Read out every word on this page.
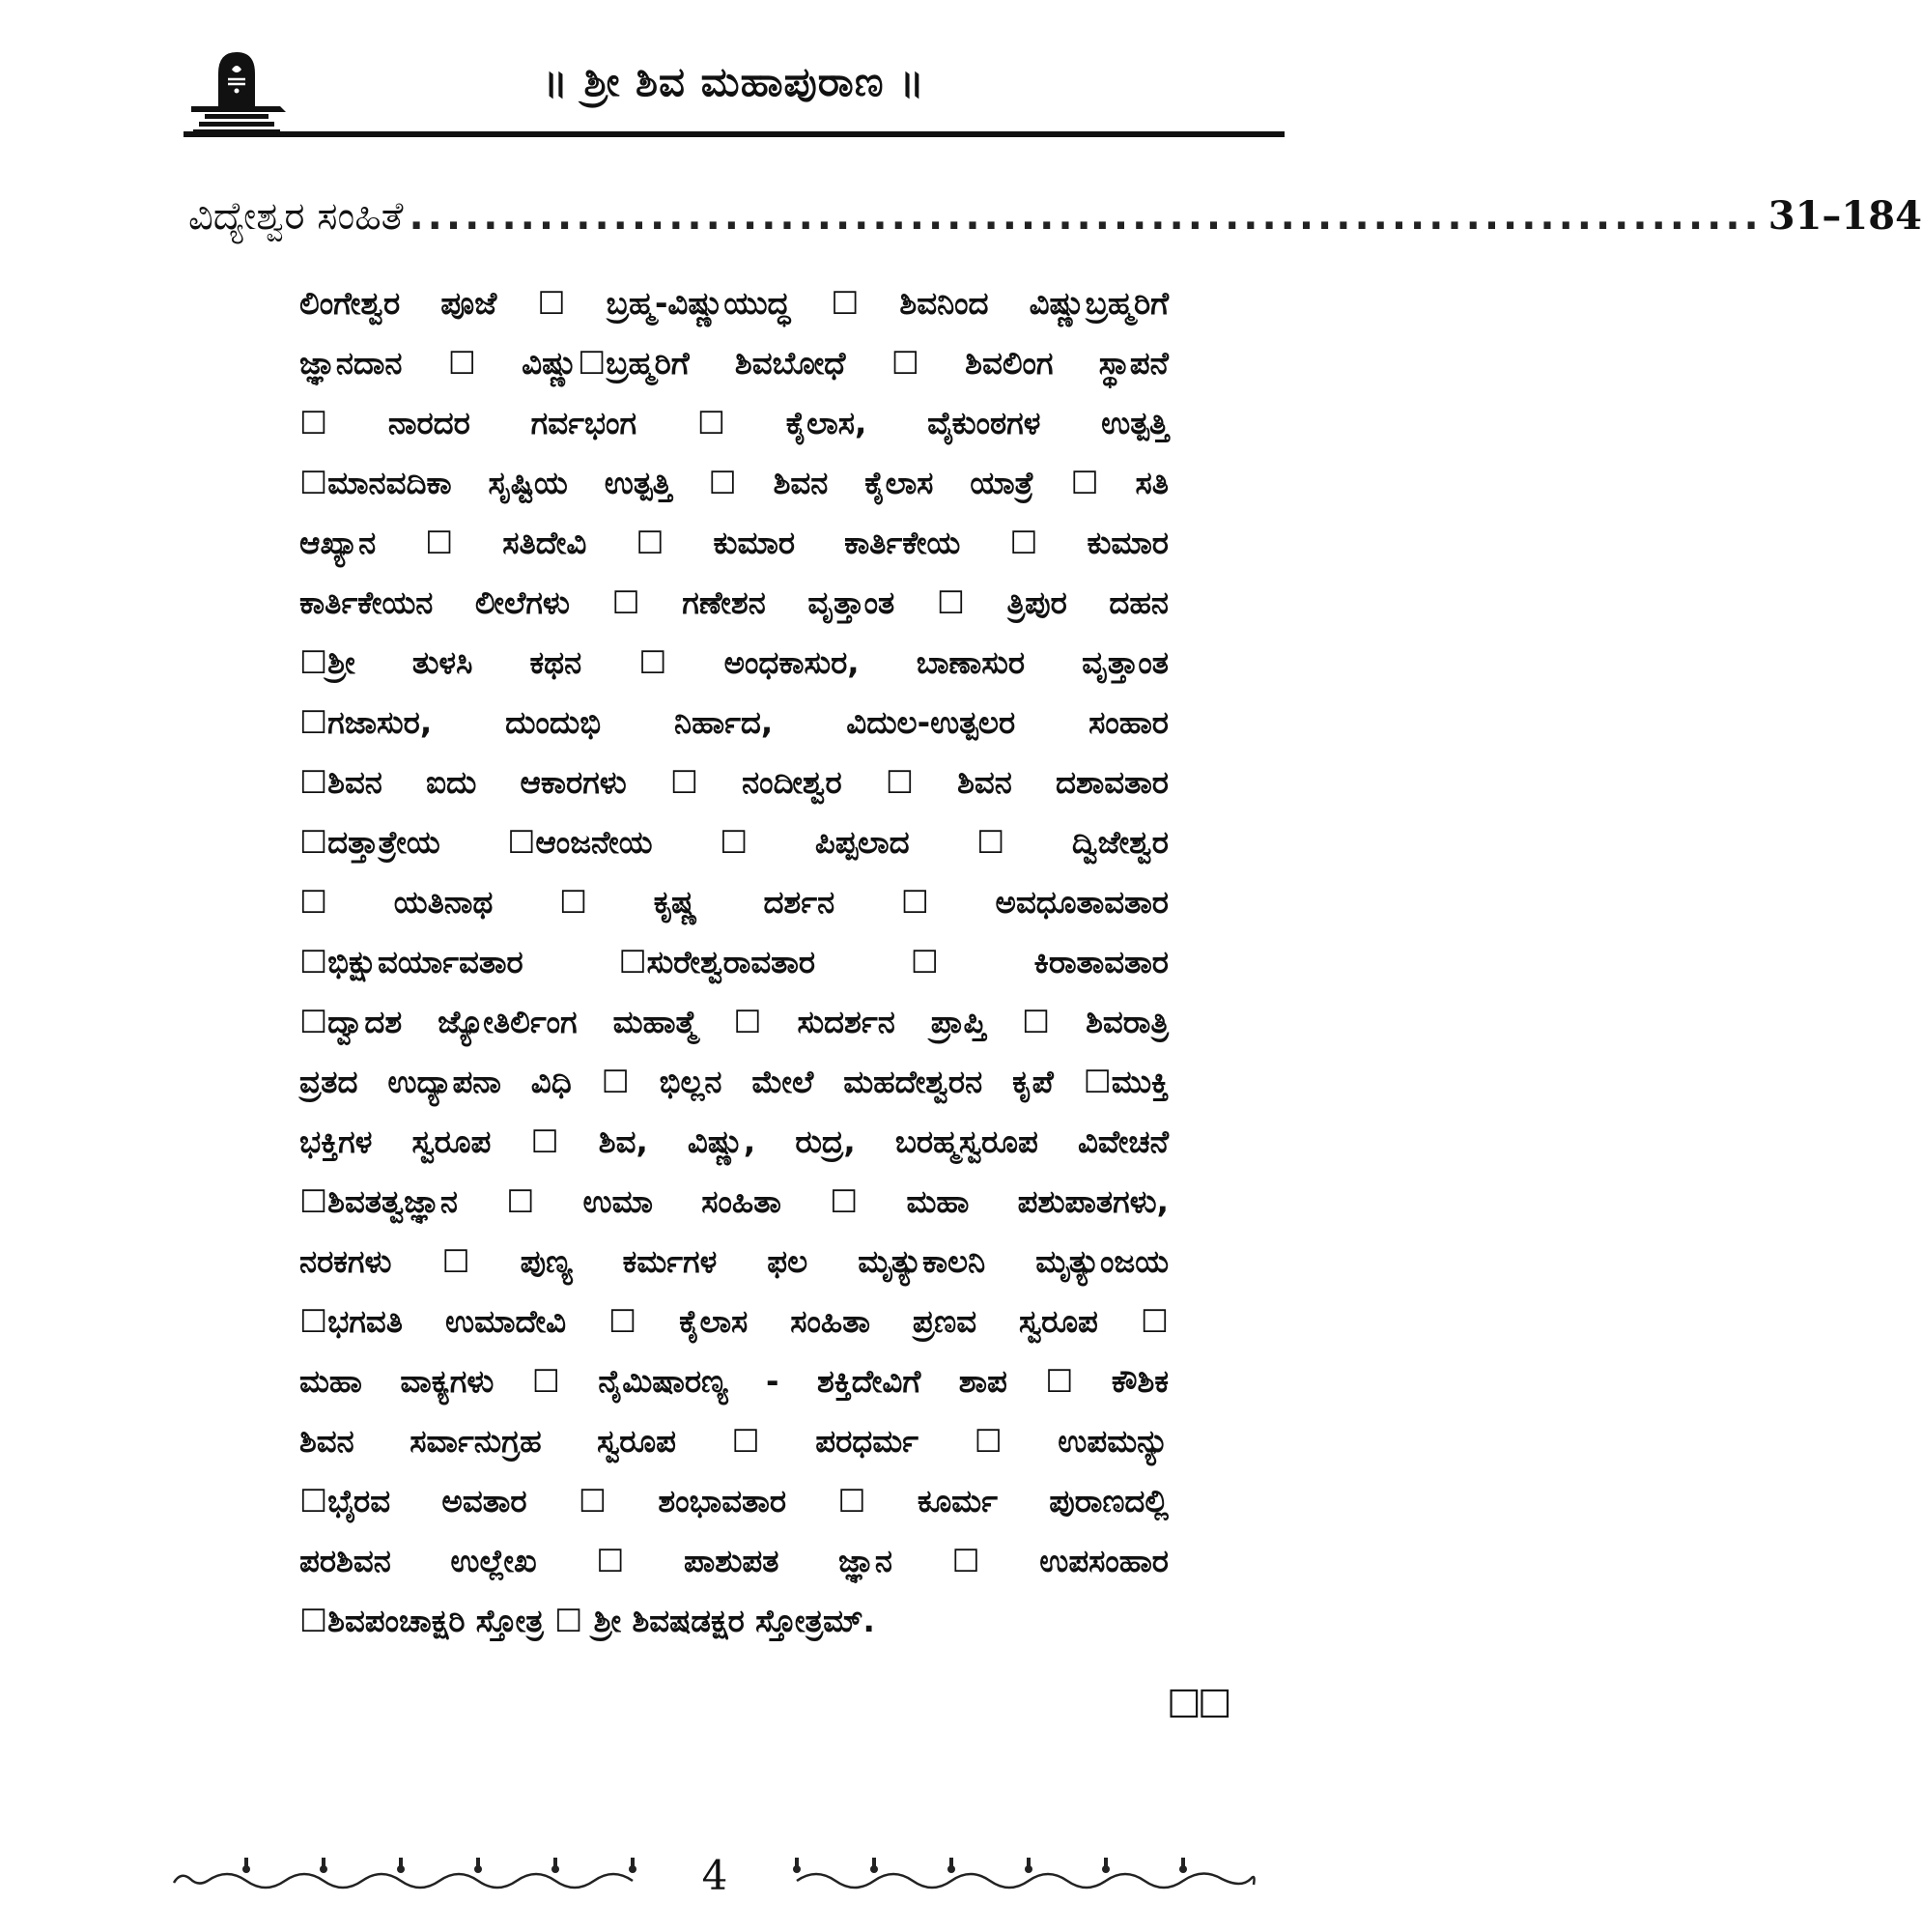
॥ ಶ್ರೀ ಶಿವ ಮಹಾಪುರಾಣ ॥
ವಿದ್ಯೇಶ್ವರ ಸಂಹಿತೆ ......................................................................... 31–184
ಲಿಂಗೇಶ್ವರ ಪೂಜೆ ☐ ಬ್ರಹ್ಮ-ವಿಷ್ಣುಯುದ್ಧ ☐ ಶಿವನಿಂದ ವಿಷ್ಣುಬ್ರಹ್ಮರಿಗೆ
ಜ್ಞಾನದಾನ ☐ ವಿಷ್ಣು☐ಬ್ರಹ್ಮರಿಗೆ ಶಿವಬೋಧೆ ☐ ಶಿವಲಿಂಗ ಸ್ಥಾಪನೆ
☐ ನಾರದರ ಗರ್ವಭಂಗ ☐ ಕೈಲಾಸ, ವೈಕುಂಠಗಳ ಉತ್ಪತ್ತಿ
☐ಮಾನವದಿಕಾ ಸೃಷ್ಟಿಯ ಉತ್ಪತ್ತಿ ☐ ಶಿವನ ಕೈಲಾಸ ಯಾತ್ರೆ ☐ ಸತಿ
ಆಖ್ಯಾನ ☐ ಸತಿದೇವಿ ☐ ಕುಮಾರ ಕಾರ್ತಿಕೇಯ ☐ ಕುಮಾರ
ಕಾರ್ತಿಕೇಯನ ಲೀಲೆಗಳು ☐ ಗಣೇಶನ ವೃತ್ತಾಂತ ☐ ತ್ರಿಪುರ ದಹನ
☐ಶ್ರೀ ತುಳಸಿ ಕಥನ ☐ ಅಂಧಕಾಸುರ, ಬಾಣಾಸುರ ವೃತ್ತಾಂತ
☐ಗಜಾಸುರ, ದುಂದುಭಿ ನಿರ್ಹಾದ, ವಿದುಲ-ಉತ್ಪಲರ ಸಂಹಾರ
☐ಶಿವನ ಐದು ಆಕಾರಗಳು ☐ ನಂದೀಶ್ವರ ☐ ಶಿವನ ದಶಾವತಾರ
☐ದತ್ತಾತ್ರೇಯ ☐ಆಂಜನೇಯ ☐ ಪಿಪ್ಪಲಾದ ☐ ದ್ವಿಜೇಶ್ವರ
☐ ಯತಿನಾಥ ☐ ಕೃಷ್ಣ ದರ್ಶನ ☐ ಅವಧೂತಾವತಾರ
☐ಭಿಕ್ಷುವರ್ಯಾವತಾರ ☐ಸುರೇಶ್ವರಾವತಾರ ☐ ಕಿರಾತಾವತಾರ
☐ದ್ವಾದಶ ಜ್ಯೋತಿರ್ಲಿಂಗ ಮಹಾತ್ಮೆ ☐ ಸುದರ್ಶನ ಪ್ರಾಪ್ತಿ ☐ ಶಿವರಾತ್ರಿ
ವ್ರತದ ಉದ್ಯಾಪನಾ ವಿಧಿ ☐ ಭಿಲ್ಲನ ಮೇಲೆ ಮಹದೇಶ್ವರನ ಕೃಪೆ ☐ಮುಕ್ತಿ
ಭಕ್ತಿಗಳ ಸ್ವರೂಪ ☐ ಶಿವ, ವಿಷ್ಣು, ರುದ್ರ, ಬರಹ್ಮಸ್ವರೂಪ ವಿವೇಚನೆ
☐ಶಿವತತ್ವಜ್ಞಾನ ☐ ಉಮಾ ಸಂಹಿತಾ ☐ ಮಹಾ ಪಶುಪಾತಗಳು,
ನರಕಗಳು ☐ ಪುಣ್ಯ ಕರ್ಮಗಳ ಫಲ ಮೃತ್ಯುಕಾಲನಿ ಮೃತ್ಯುಂಜಯ
☐ಭಗವತಿ ಉಮಾದೇವಿ ☐ ಕೈಲಾಸ ಸಂಹಿತಾ ಪ್ರಣವ ಸ್ವರೂಪ ☐
ಮಹಾ ವಾಕ್ಯಗಳು ☐ ನೈಮಿಷಾರಣ್ಯ - ಶಕ್ತಿದೇವಿಗೆ ಶಾಪ ☐ ಕೌಶಿಕ
ಶಿವನ ಸರ್ವಾನುಗ್ರಹ ಸ್ವರೂಪ ☐ ಪರಧರ್ಮ ☐ ಉಪಮನ್ಯು
☐ಭೈರವ ಅವತಾರ ☐ ಶಂಭಾವತಾರ ☐ ಕೂರ್ಮ ಪುರಾಣದಲ್ಲಿ
ಪರಶಿವನ ಉಲ್ಲೇಖ ☐ ಪಾಶುಪತ ಜ್ಞಾನ ☐ ಉಪಸಂಹಾರ
☐ಶಿವಪಂಚಾಕ್ಷರಿ ಸ್ತೋತ್ರ ☐ ಶ್ರೀ ಶಿವಷಡಕ್ಷರ ಸ್ತೋತ್ರಮ್.
☐☐
4
